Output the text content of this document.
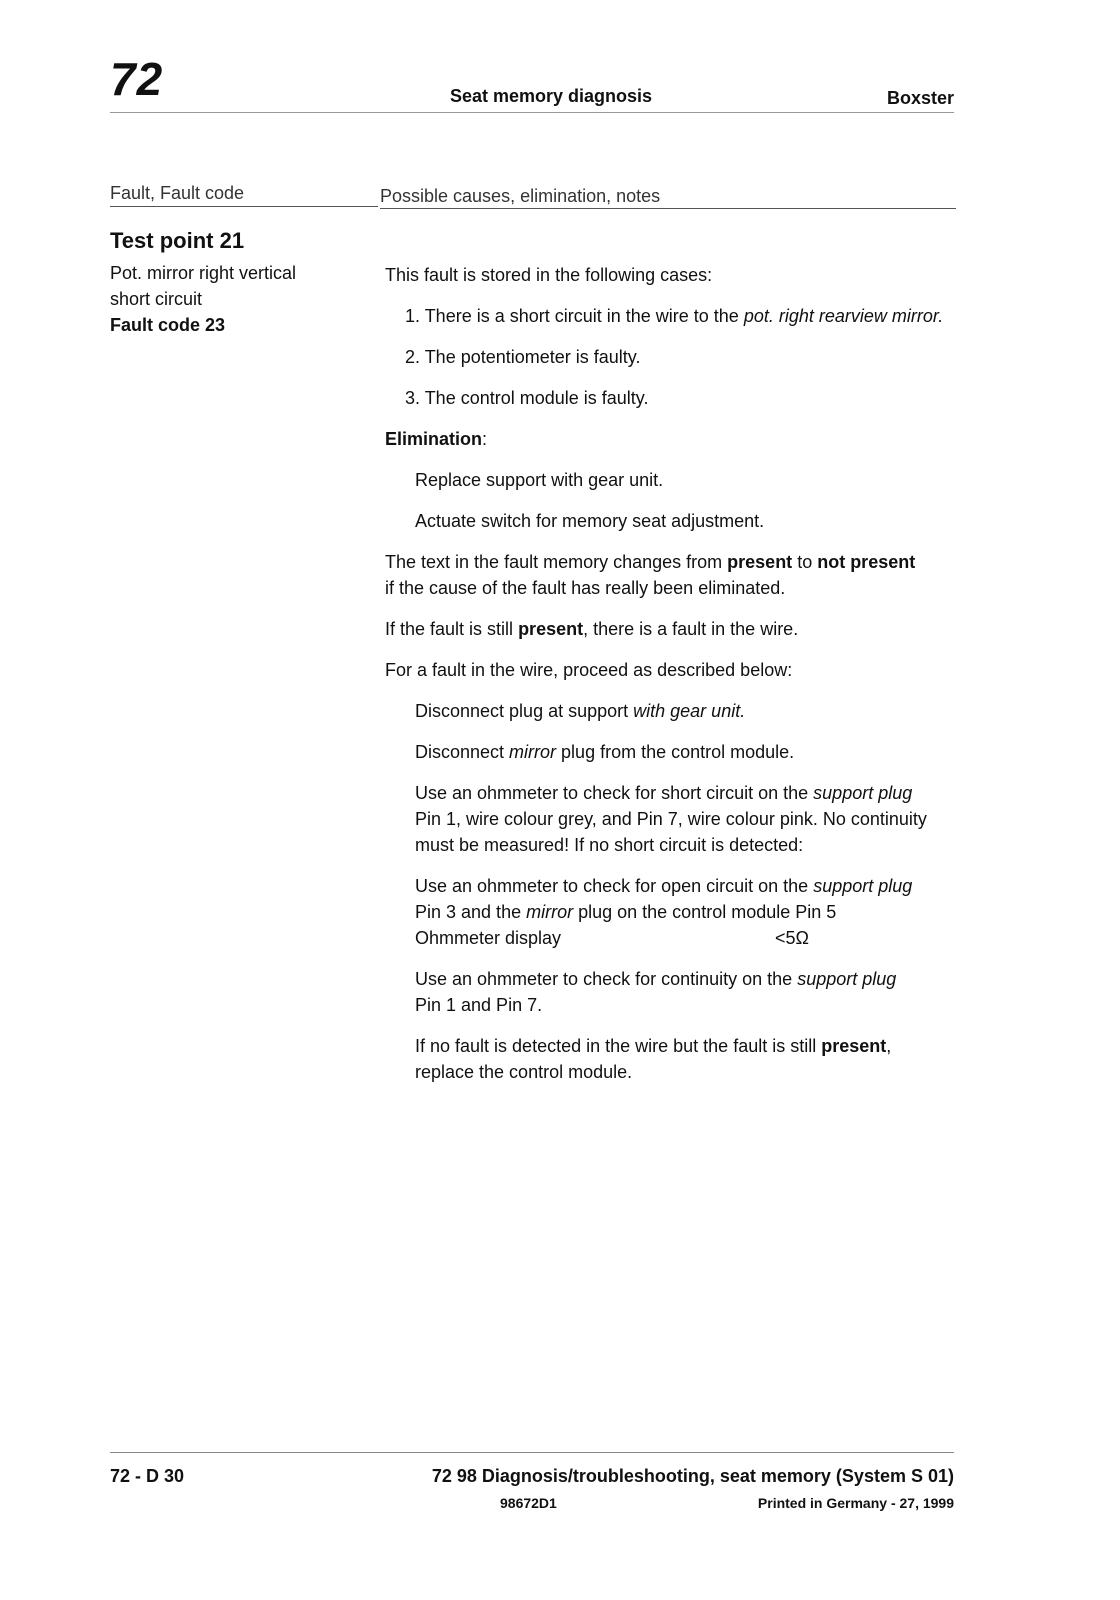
72	Seat memory diagnosis	Boxster
Fault, Fault code	Possible causes, elimination, notes
Test point 21
Pot. mirror right vertical
short circuit
Fault code 23
This fault is stored in the following cases:
1. There is a short circuit in the wire to the pot. right rearview mirror.
2. The potentiometer is faulty.
3. The control module is faulty.
Elimination:
Replace support with gear unit.
Actuate switch for memory seat adjustment.
The text in the fault memory changes from present to not present
if the cause of the fault has really been eliminated.
If the fault is still present, there is a fault in the wire.
For a fault in the wire, proceed as described below:
Disconnect plug at support with gear unit.
Disconnect mirror plug from the control module.
Use an ohmmeter to check for short circuit on the support plug
Pin 1, wire colour grey, and Pin 7, wire colour pink. No continuity
must be measured! If no short circuit is detected:
Use an ohmmeter to check for open circuit on the support plug
Pin 3 and the mirror plug on the control module Pin 5
Ohmmeter display	<5Ω
Use an ohmmeter to check for continuity on the support plug
Pin 1 and Pin 7.
If no fault is detected in the wire but the fault is still present,
replace the control module.
72 - D 30	72 98 Diagnosis/troubleshooting, seat memory (System S 01)
98672D1	Printed in Germany - 27, 1999
